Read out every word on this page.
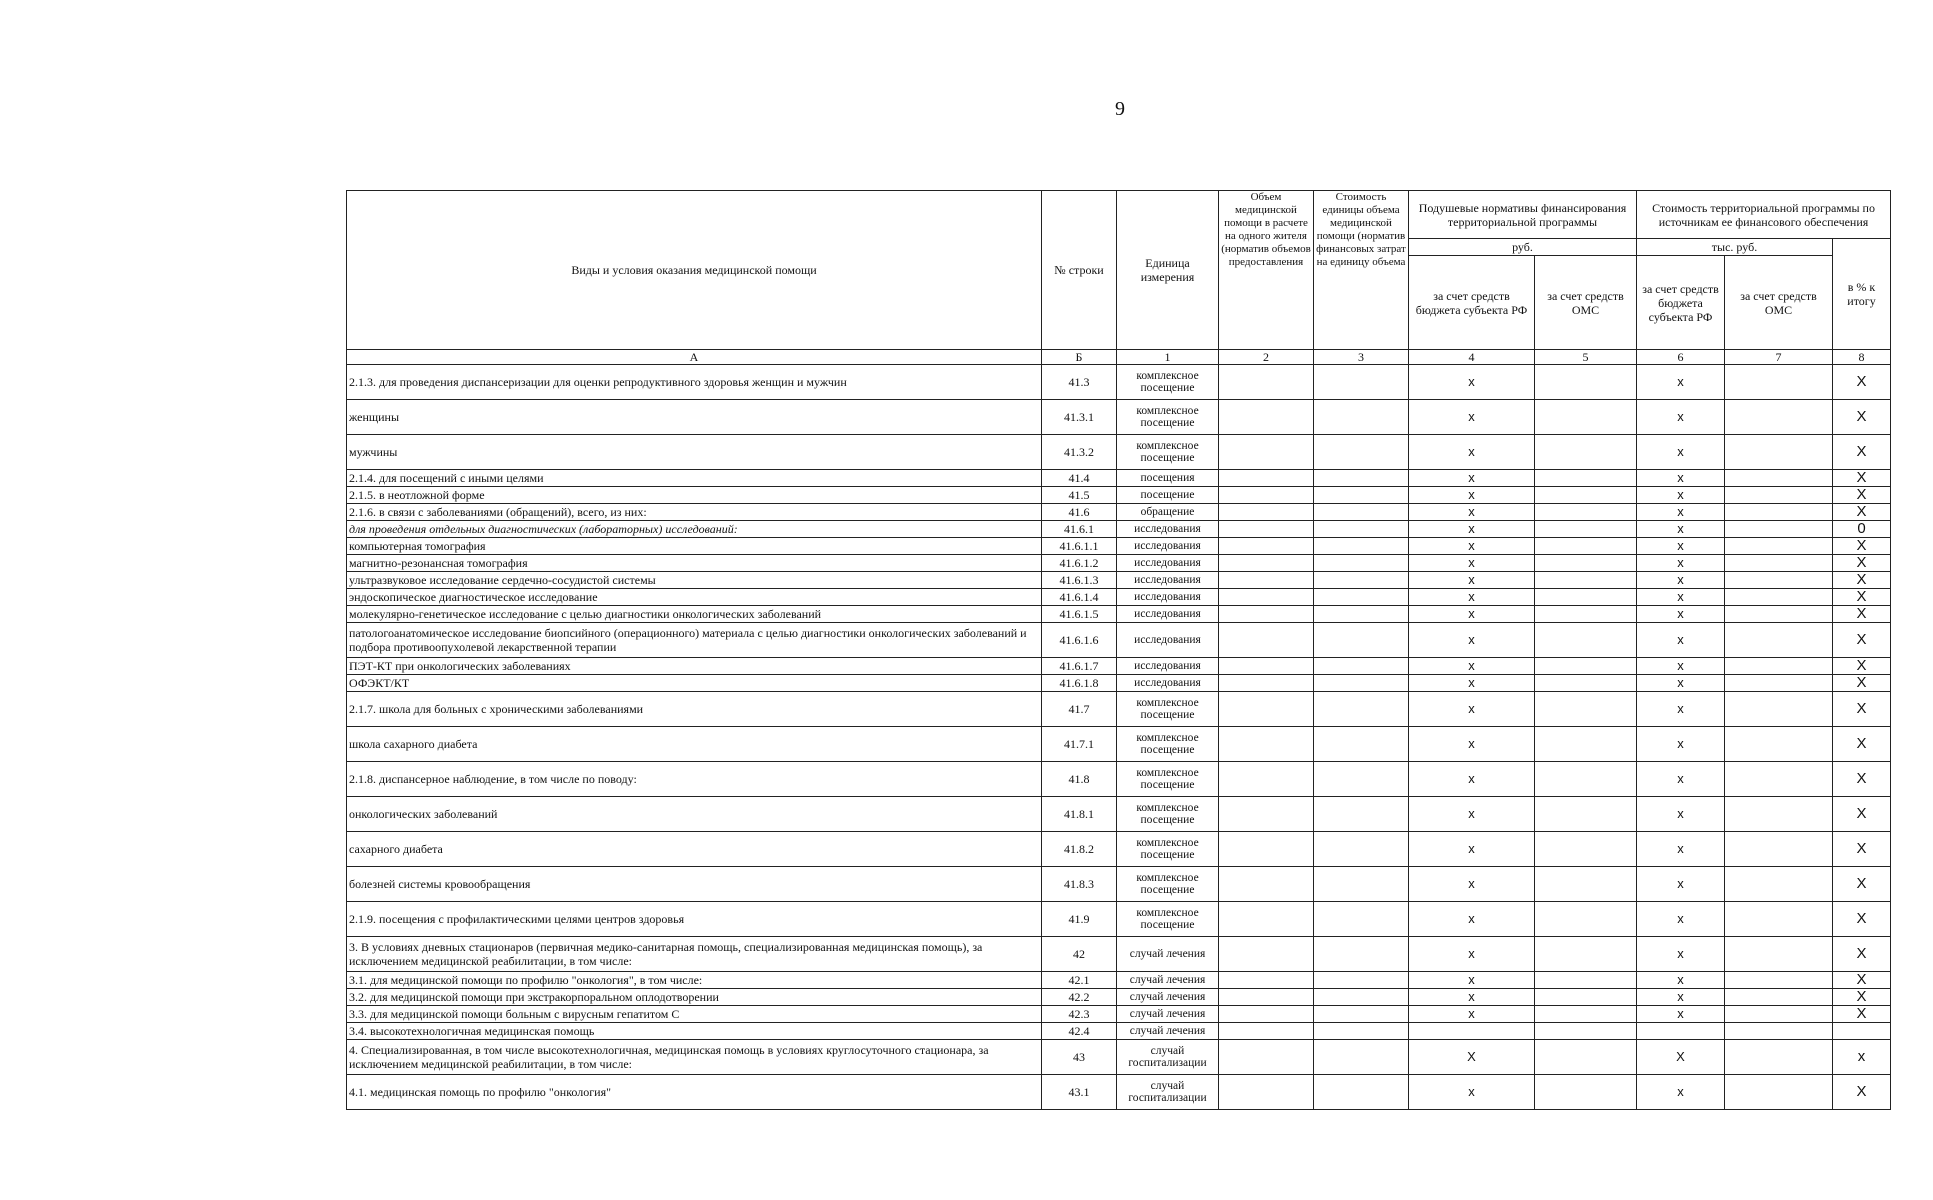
9
Виды и условия оказания медицинской помощи	№ строки	Единица измерения	Объем медицинской помощи в расчете на одного жителя (норматив объемов предоставления	Стоимость единицы объема медицинской помощи (норматив финансовых затрат на единицу объема	Подушевые нормативы финансирования территориальной программы		Стоимость территориальной программы по источникам ее финансового обеспечения		
					руб.		тыс. руб.		в % к итогу
					за счет средств бюджета субъекта РФ	за счет средств ОМС	за счет средств бюджета субъекта РФ	за счет средств ОМС	
А	Б	1	2	3	4	5	6	7	8
2.1.3. для проведения диспансеризации для оценки репродуктивного здоровья женщин и мужчин	41.3	комплексное посещение			х		х		X
женщины	41.3.1	комплексное посещение			х		х		X
мужчины	41.3.2	комплексное посещение			х		х		X
2.1.4. для посещений с иными целями	41.4	посещения			х		х		X
2.1.5. в неотложной форме	41.5	посещение			х		х		X
2.1.6. в связи с заболеваниями (обращений), всего, из них:	41.6	обращение			х		х		X
для проведения отдельных диагностических (лабораторных) исследований:	41.6.1	исследования			х		х		0
компьютерная томография	41.6.1.1	исследования			х		х		X
магнитно-резонансная томография	41.6.1.2	исследования			х		х		X
ультразвуковое исследование сердечно-сосудистой системы	41.6.1.3	исследования			х		х		X
эндоскопическое диагностическое исследование	41.6.1.4	исследования			х		х		X
молекулярно-генетическое исследование с целью диагностики онкологических заболеваний	41.6.1.5	исследования			х		х		X
патологоанатомическое исследование биопсийного (операционного) материала с целью диагностики онкологических заболеваний и подбора противоопухолевой лекарственной терапии	41.6.1.6	исследования			х		х		X
ПЭТ-КТ при онкологических заболеваниях	41.6.1.7	исследования			х		х		X
ОФЭКТ/КТ	41.6.1.8	исследования			х		х		X
2.1.7. школа для больных с хроническими заболеваниями	41.7	комплексное посещение			х		х		X
школа сахарного диабета	41.7.1	комплексное посещение			х		х		X
2.1.8. диспансерное наблюдение, в том числе по поводу:	41.8	комплексное посещение			х		х		X
онкологических заболеваний	41.8.1	комплексное посещение			х		х		X
сахарного диабета	41.8.2	комплексное посещение			х		х		X
болезней системы кровообращения	41.8.3	комплексное посещение			х		х		X
2.1.9. посещения с профилактическими целями центров здоровья	41.9	комплексное посещение			х		х		X
3. В условиях дневных стационаров (первичная медико-санитарная помощь, специализированная медицинская помощь), за исключением медицинской реабилитации, в том числе:	42	случай лечения			х		х		X
3.1. для медицинской помощи по профилю "онкология", в том числе:	42.1	случай лечения			х		х		X
3.2. для медицинской помощи при экстракорпоральном оплодотворении	42.2	случай лечения			х		х		X
3.3. для медицинской помощи больным с вирусным гепатитом С	42.3	случай лечения			х		х		X
3.4. высокотехнологичная медицинская помощь	42.4	случай лечения							
4. Специализированная, в том числе высокотехнологичная, медицинская помощь в условиях круглосуточного стационара, за исключением медицинской реабилитации, в том числе:	43	случай госпитализации			Х		Х		х
4.1. медицинская помощь по профилю "онкология"	43.1	случай госпитализации			х		х		X
